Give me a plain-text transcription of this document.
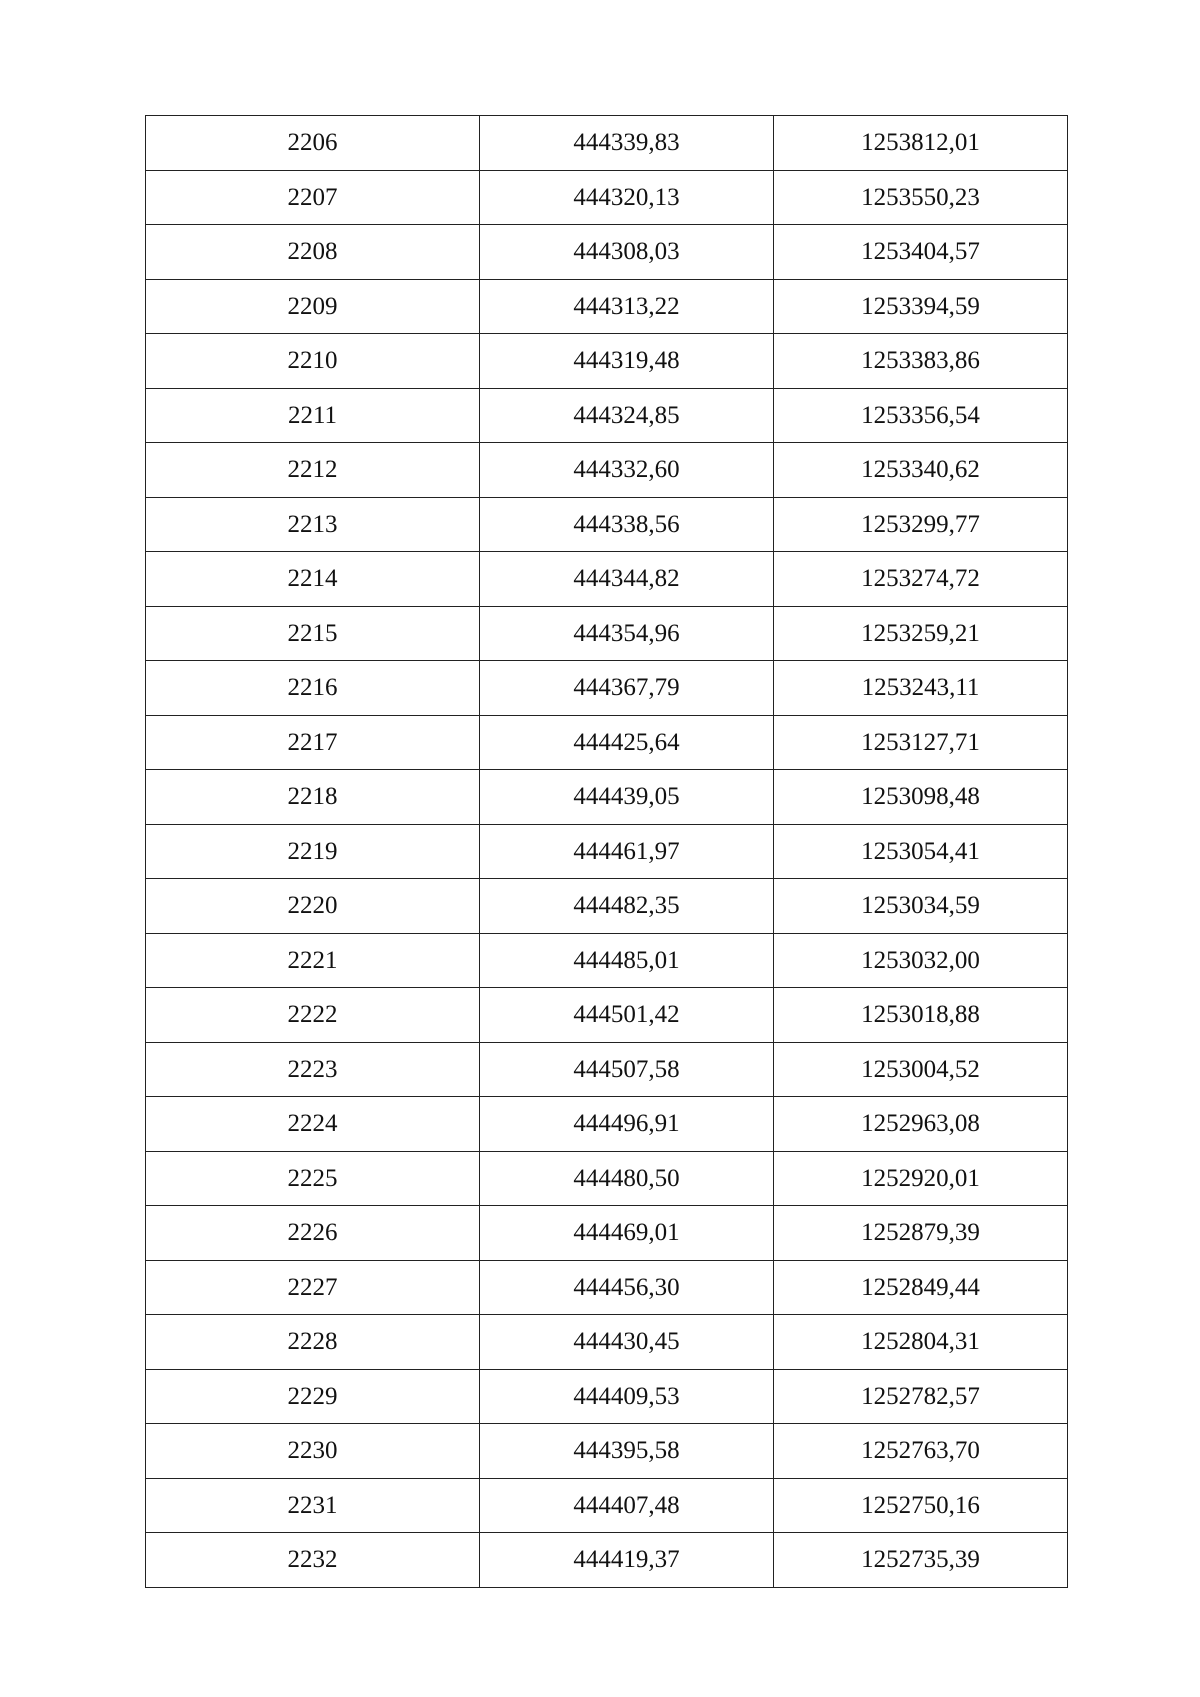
2206	444339,83	1253812,01
2207	444320,13	1253550,23
2208	444308,03	1253404,57
2209	444313,22	1253394,59
2210	444319,48	1253383,86
2211	444324,85	1253356,54
2212	444332,60	1253340,62
2213	444338,56	1253299,77
2214	444344,82	1253274,72
2215	444354,96	1253259,21
2216	444367,79	1253243,11
2217	444425,64	1253127,71
2218	444439,05	1253098,48
2219	444461,97	1253054,41
2220	444482,35	1253034,59
2221	444485,01	1253032,00
2222	444501,42	1253018,88
2223	444507,58	1253004,52
2224	444496,91	1252963,08
2225	444480,50	1252920,01
2226	444469,01	1252879,39
2227	444456,30	1252849,44
2228	444430,45	1252804,31
2229	444409,53	1252782,57
2230	444395,58	1252763,70
2231	444407,48	1252750,16
2232	444419,37	1252735,39
